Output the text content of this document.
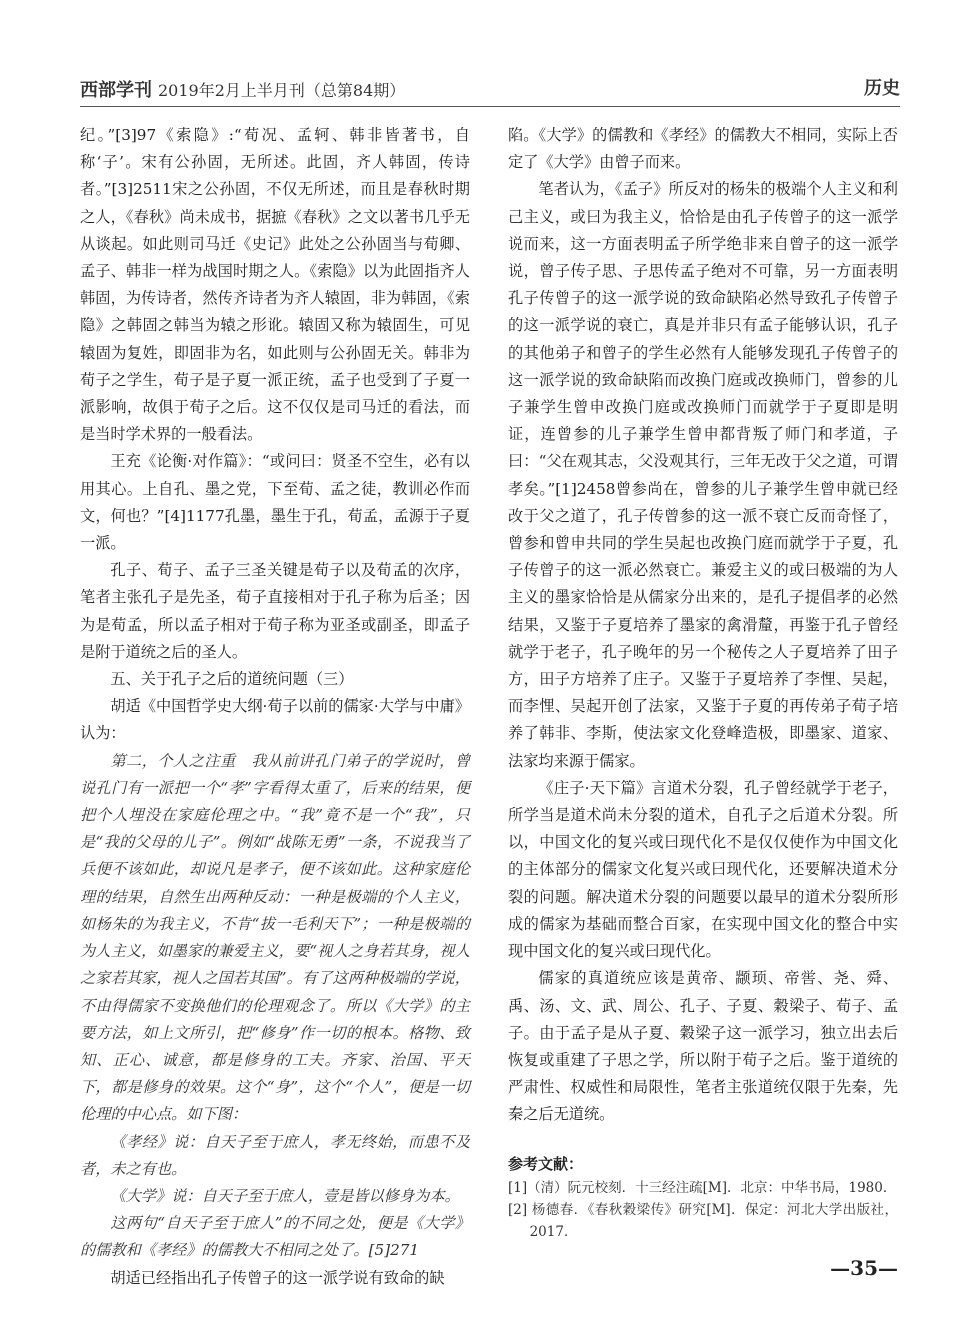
西部学刊 2019年2月上半月刊（总第84期）	历史

纪。”[3]97《索隐》:“荀况、孟轲、韩非皆著书，自称‘子’。宋有公孙固，无所述。此固，齐人韩固，传诗者。”[3]2511宋之公孙固，不仅无所述，而且是春秋时期之人，《春秋》尚未成书，据摭《春秋》之文以著书几乎无从谈起。如此则司马迁《史记》此处之公孙固当与荀卿、孟子、韩非一样为战国时期之人。《索隐》以为此固指齐人韩固，为传诗者，然传齐诗者为齐人辕固，非为韩固，《索隐》之韩固之韩当为辕之形讹。辕固又称为辕固生，可见辕固为复姓，即固非为名，如此则与公孙固无关。韩非为荀子之学生，荀子是子夏一派正统，孟子也受到了子夏一派影响，故俱于荀子之后。这不仅仅是司马迁的看法，而是当时学术界的一般看法。

王充《论衡·对作篇》：“或问曰：贤圣不空生，必有以用其心。上自孔、墨之党，下至荀、孟之徒，教训必作而文，何也？”[4]1177孔墨，墨生于孔，荀孟，孟源于子夏一派。

孔子、荀子、孟子三圣关键是荀子以及荀孟的次序，笔者主张孔子是先圣，荀子直接相对于孔子称为后圣；因为是荀孟，所以孟子相对于荀子称为亚圣或副圣，即孟子是附于道统之后的圣人。

五、关于孔子之后的道统问题（三）

胡适《中国哲学史大纲·荀子以前的儒家·大学与中庸》认为：

第二，个人之注重　我从前讲孔门弟子的学说时，曾说孔门有一派把一个“孝”字看得太重了，后来的结果，便把个人埋没在家庭伦理之中。“我”竟不是一个“我”，只是“我的父母的儿子”。例如“战陈无勇”一条，不说我当了兵便不该如此，却说凡是孝子，便不该如此。这种家庭伦理的结果，自然生出两种反动：一种是极端的个人主义，如杨朱的为我主义，不肯“拔一毛利天下”；一种是极端的为人主义，如墨家的兼爱主义，要“视人之身若其身，视人之家若其家，视人之国若其国”。有了这两种极端的学说，不由得儒家不变换他们的伦理观念了。所以《大学》的主要方法，如上文所引，把“修身”作一切的根本。格物、致知、正心、诚意，都是修身的工夫。齐家、治国、平天下，都是修身的效果。这个“身”，这个“个人”，便是一切伦理的中心点。如下图：

《孝经》说：自天子至于庶人，孝无终始，而患不及者，未之有也。

《大学》说：自天子至于庶人，壹是皆以修身为本。

这两句“自天子至于庶人”的不同之处，便是《大学》的儒教和《孝经》的儒教大不相同之处了。[5]271

胡适已经指出孔子传曾子的这一派学说有致命的缺

陷。《大学》的儒教和《孝经》的儒教大不相同，实际上否定了《大学》由曾子而来。

笔者认为，《孟子》所反对的杨朱的极端个人主义和利己主义，或曰为我主义，恰恰是由孔子传曾子的这一派学说而来，这一方面表明孟子所学绝非来自曾子的这一派学说，曾子传子思、子思传孟子绝对不可靠，另一方面表明孔子传曾子的这一派学说的致命缺陷必然导致孔子传曾子的这一派学说的衰亡，真是并非只有孟子能够认识，孔子的其他弟子和曾子的学生必然有人能够发现孔子传曾子的这一派学说的致命缺陷而改换门庭或改换师门，曾参的儿子兼学生曾申改换门庭或改换师门而就学于子夏即是明证，连曾参的儿子兼学生曾申都背叛了师门和孝道，子曰：“父在观其志，父没观其行，三年无改于父之道，可谓孝矣。”[1]2458曾参尚在，曾参的儿子兼学生曾申就已经改于父之道了，孔子传曾参的这一派不衰亡反而奇怪了，曾参和曾申共同的学生吴起也改换门庭而就学于子夏，孔子传曾子的这一派必然衰亡。兼爱主义的或曰极端的为人主义的墨家恰恰是从儒家分出来的，是孔子提倡孝的必然结果，又鉴于子夏培养了墨家的禽滑釐，再鉴于孔子曾经就学于老子，孔子晚年的另一个秘传之人子夏培养了田子方，田子方培养了庄子。又鉴于子夏培养了李悝、吴起，而李悝、吴起开创了法家，又鉴于子夏的再传弟子荀子培养了韩非、李斯，使法家文化登峰造极，即墨家、道家、法家均来源于儒家。

《庄子·天下篇》言道术分裂，孔子曾经就学于老子，所学当是道术尚未分裂的道术，自孔子之后道术分裂。所以，中国文化的复兴或曰现代化不是仅仅使作为中国文化的主体部分的儒家文化复兴或曰现代化，还要解决道术分裂的问题。解决道术分裂的问题要以最早的道术分裂所形成的儒家为基础而整合百家，在实现中国文化的整合中实现中国文化的复兴或曰现代化。

儒家的真道统应该是黄帝、颛顼、帝喾、尧、舜、禹、汤、文、武、周公、孔子、子夏、穀梁子、荀子、孟子。由于孟子是从子夏、穀梁子这一派学习，独立出去后恢复或重建了子思之学，所以附于荀子之后。鉴于道统的严肃性、权威性和局限性，笔者主张道统仅限于先秦，先秦之后无道统。

参考文献：
[1]（清）阮元校刻．十三经注疏[M]．北京：中华书局，1980．
[2] 杨德春．《春秋穀梁传》研究[M]．保定：河北大学出版社，2017．
—35—
